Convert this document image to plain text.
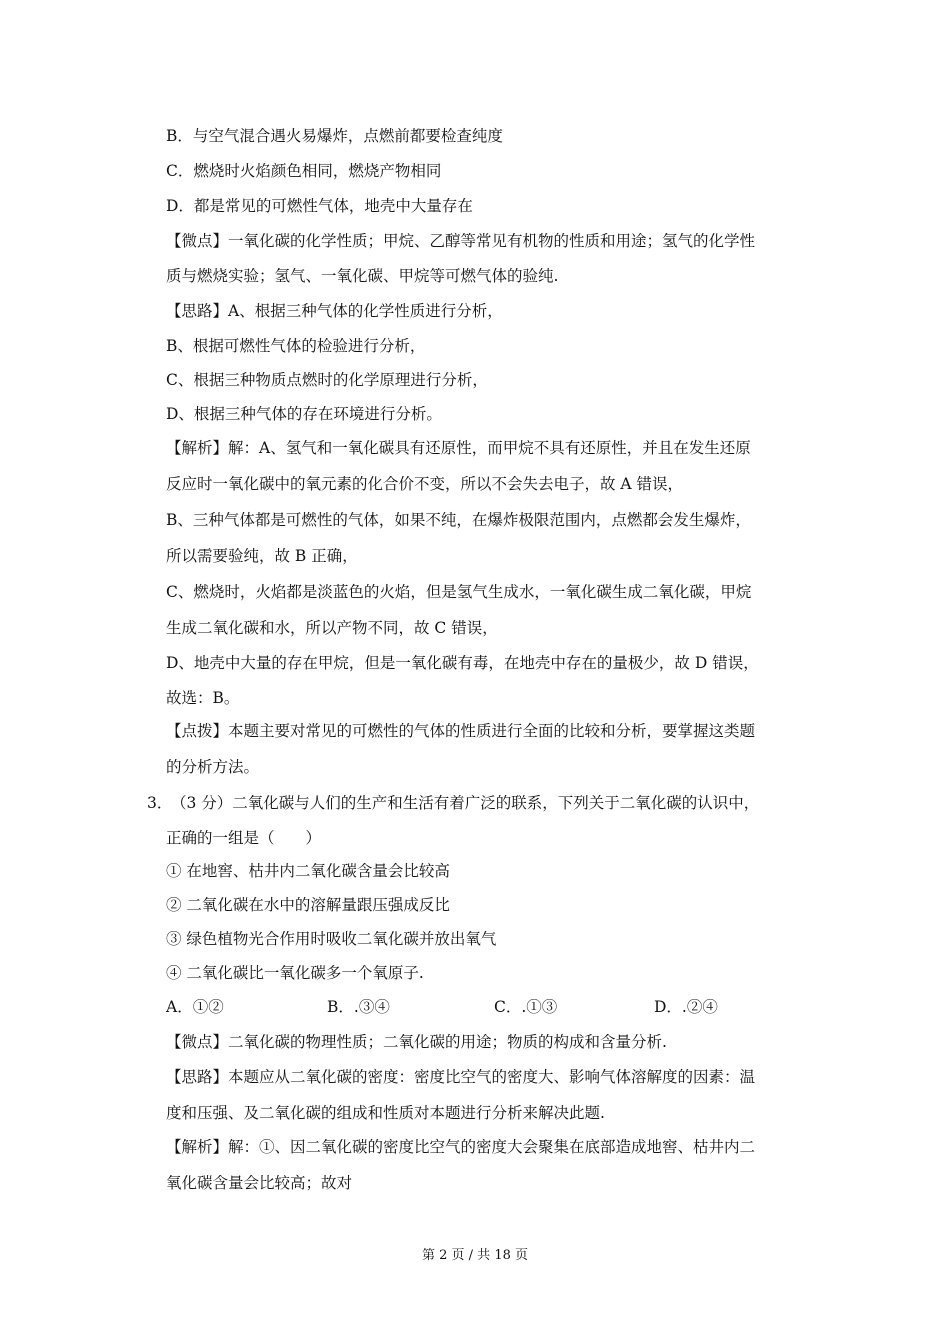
B．与空气混合遇火易爆炸，点燃前都要检查纯度
C．燃烧时火焰颜色相同，燃烧产物相同
D．都是常见的可燃性气体，地壳中大量存在
【微点】一氧化碳的化学性质；甲烷、乙醇等常见有机物的性质和用途；氢气的化学性
质与燃烧实验；氢气、一氧化碳、甲烷等可燃气体的验纯.
【思路】A、根据三种气体的化学性质进行分析，
B、根据可燃性气体的检验进行分析，
C、根据三种物质点燃时的化学原理进行分析，
D、根据三种气体的存在环境进行分析。
【解析】解：A、氢气和一氧化碳具有还原性，而甲烷不具有还原性，并且在发生还原
反应时一氧化碳中的氧元素的化合价不变，所以不会失去电子，故 A 错误，
B、三种气体都是可燃性的气体，如果不纯，在爆炸极限范围内，点燃都会发生爆炸，
所以需要验纯，故 B 正确，
C、燃烧时，火焰都是淡蓝色的火焰，但是氢气生成水，一氧化碳生成二氧化碳，甲烷
生成二氧化碳和水，所以产物不同，故 C 错误，
D、地壳中大量的存在甲烷，但是一氧化碳有毒，在地壳中存在的量极少，故 D 错误，
故选：B。
【点拨】本题主要对常见的可燃性的气体的性质进行全面的比较和分析，要掌握这类题
的分析方法。
3．
（3 分）二氧化碳与人们的生产和生活有着广泛的联系，下列关于二氧化碳的认识中，
正确的一组是（　　）
① 在地窖、枯井内二氧化碳含量会比较高
② 二氧化碳在水中的溶解量跟压强成反比
③ 绿色植物光合作用时吸收二氧化碳并放出氧气
④ 二氧化碳比一氧化碳多一个氧原子.
A．①②	B．.③④	C．.①③	D．.②④
【微点】二氧化碳的物理性质；二氧化碳的用途；物质的构成和含量分析.
【思路】本题应从二氧化碳的密度：密度比空气的密度大、影响气体溶解度的因素：温
度和压强、及二氧化碳的组成和性质对本题进行分析来解决此题.
【解析】解：①、因二氧化碳的密度比空气的密度大会聚集在底部造成地窖、枯井内二
氧化碳含量会比较高；故对
第 2 页 / 共 18 页
